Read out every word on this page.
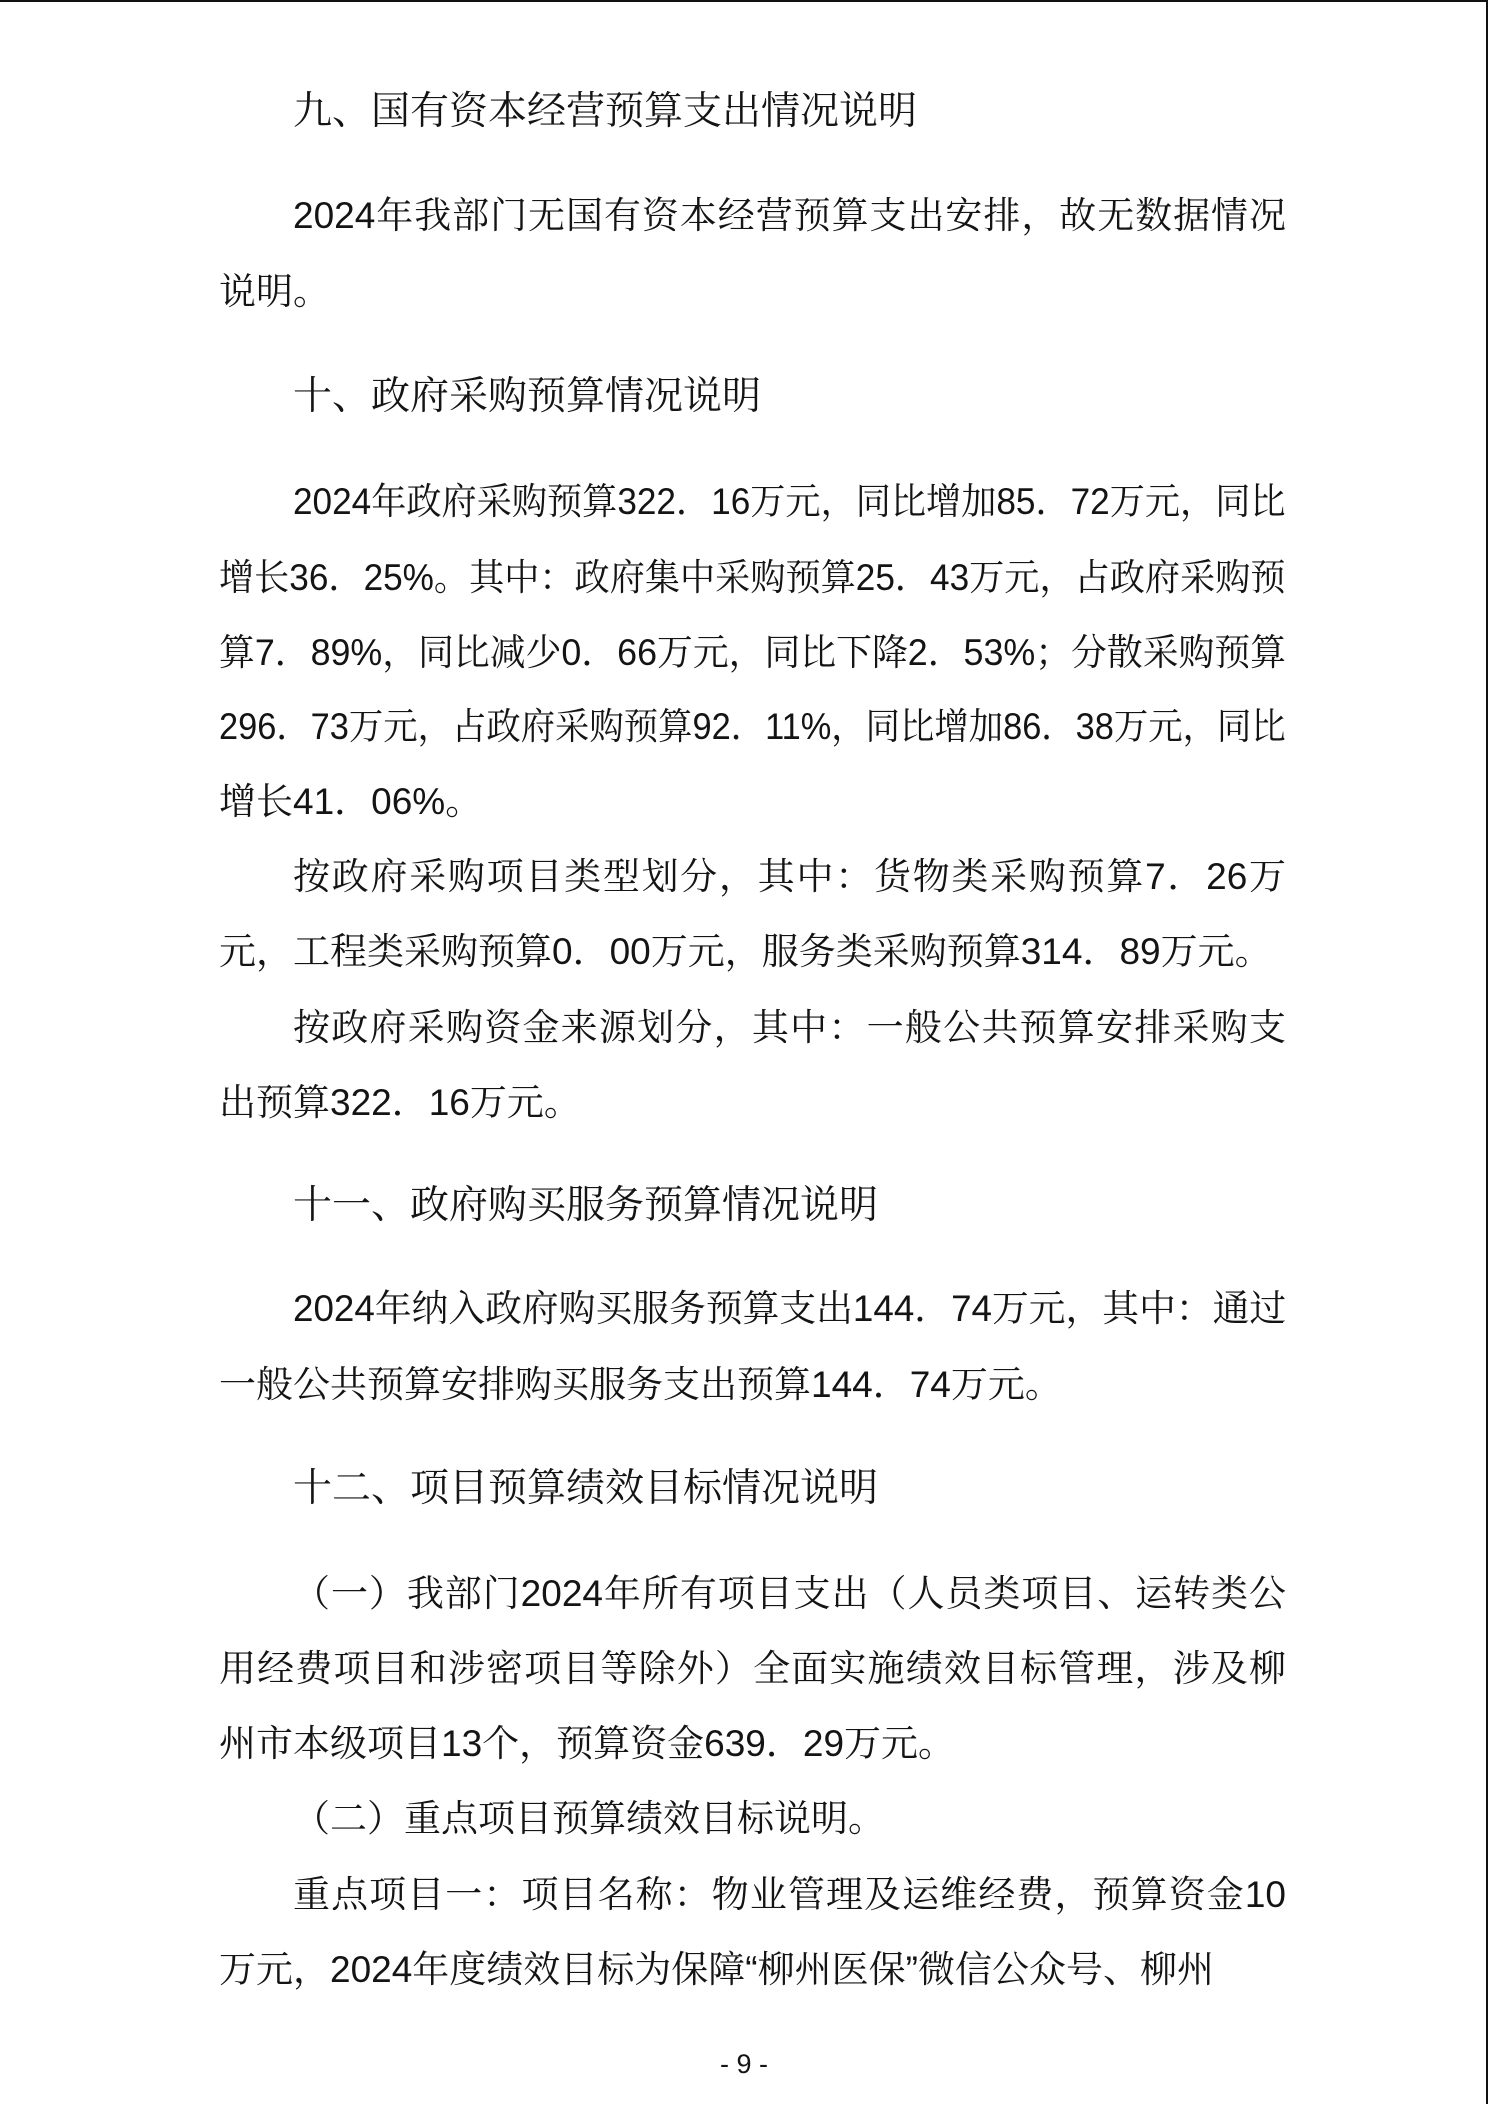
九、国有资本经营预算支出情况说明
2024年我部门无国有资本经营预算支出安排，故无数据情况
说明。
十、政府采购预算情况说明
2024年政府采购预算322．16万元，同比增加85．72万元，同比
增长36．25%。其中：政府集中采购预算25．43万元，占政府采购预
算7．89%，同比减少0．66万元，同比下降2．53%；分散采购预算
296．73万元，占政府采购预算92．11%，同比增加86．38万元，同比
增长41．06%。
按政府采购项目类型划分，其中：货物类采购预算7．26万
元，工程类采购预算0．00万元，服务类采购预算314．89万元。
按政府采购资金来源划分，其中：一般公共预算安排采购支
出预算322．16万元。
十一、政府购买服务预算情况说明
2024年纳入政府购买服务预算支出144．74万元，其中：通过
一般公共预算安排购买服务支出预算144．74万元。
十二、项目预算绩效目标情况说明
（一）我部门2024年所有项目支出（人员类项目、运转类公
用经费项目和涉密项目等除外）全面实施绩效目标管理，涉及柳
州市本级项目13个，预算资金639．29万元。
（二）重点项目预算绩效目标说明。
重点项目一：项目名称：物业管理及运维经费，预算资金10
万元，2024年度绩效目标为保障“柳州医保”微信公众号、柳州
- 9 -
